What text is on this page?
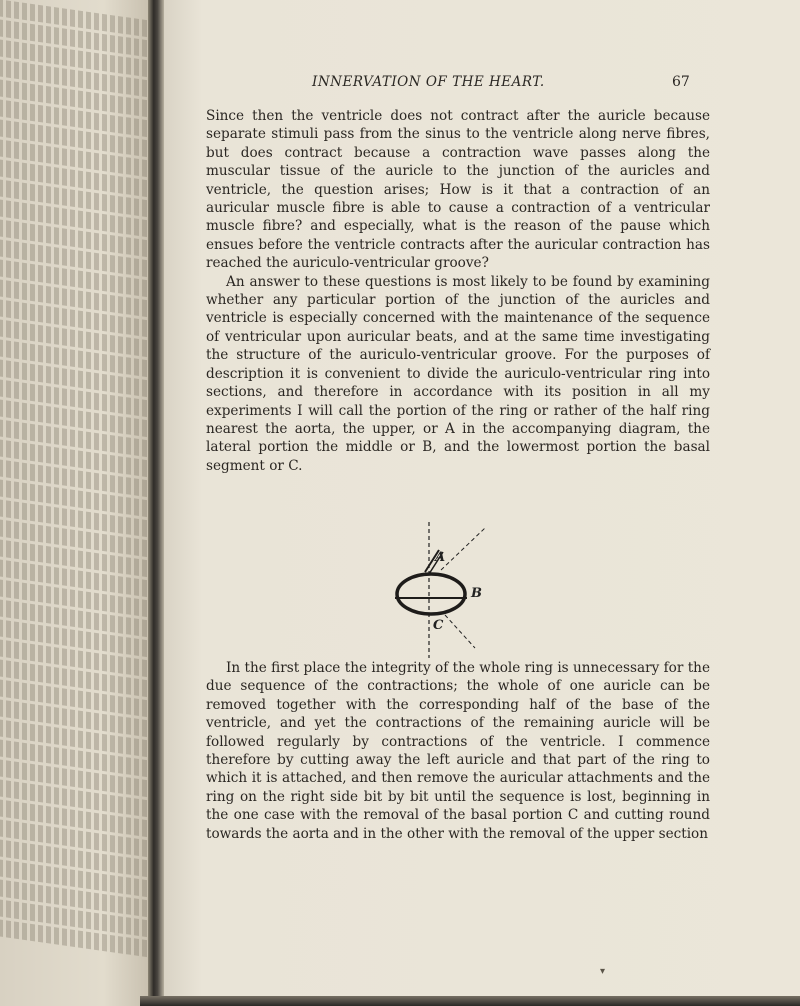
INNERVATION OF THE HEART.	67

Since then the ventricle does not contract after the auricle because separate stimuli pass from the sinus to the ventricle along nerve fibres, but does contract because a contraction wave passes along the muscular tissue of the auricle to the junction of the auricles and ventricle, the question arises; How is it that a contraction of an auricular muscle fibre is able to cause a contraction of a ventricular muscle fibre? and especially, what is the reason of the pause which ensues before the ventricle contracts after the auricular contraction has reached the auriculo-ventricular groove?

An answer to these questions is most likely to be found by examining whether any particular portion of the junction of the auricles and ventricle is especially concerned with the maintenance of the sequence of ventricular upon auricular beats, and at the same time investigating the structure of the auriculo-ventricular groove. For the purposes of description it is convenient to divide the auriculo-ventricular ring into sections, and therefore in accordance with its position in all my experiments I will call the portion of the ring or rather of the half ring nearest the aorta, the upper, or A in the accompanying diagram, the lateral portion the middle or B, and the lowermost portion the basal segment or C.

A
B
C

In the first place the integrity of the whole ring is unnecessary for the due sequence of the contractions; the whole of one auricle can be removed together with the corresponding half of the base of the ventricle, and yet the contractions of the remaining auricle will be followed regularly by contractions of the ventricle. I commence therefore by cutting away the left auricle and that part of the ring to which it is attached, and then remove the auricular attachments and the ring on the right side bit by bit until the sequence is lost, beginning in the one case with the removal of the basal portion C and cutting round towards the aorta and in the other with the removal of the upper section

▾
